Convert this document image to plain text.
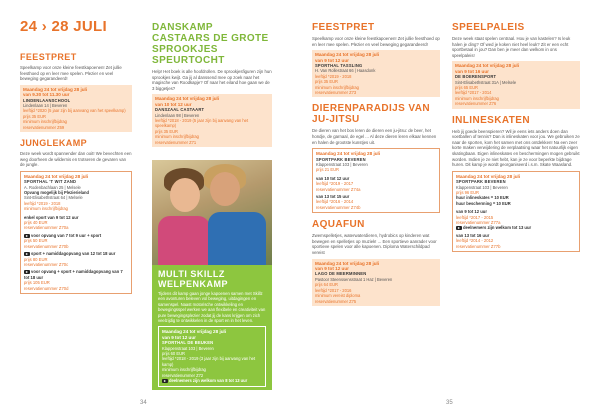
24 › 28 JULI
FEESTPRET
Speelkamp voor onze kleine feestkapoenen! Zet jullie feesthoed op en leer mee spelen. Plezier en veel beweging gegarandeerd!
Maandag 24 tot vrijdag 28 juli
van 9.30 tot 11.30 uur
LINDENLAANSCHOOL
Lindenlaan 14 | Beveren
leeftijd *2020 (5 jaar zijn bij aanvang van het speelkamp)
prijs 35 EUR
minimum inschrijfbijdrag
reservatienummer Z69
JUNGLEKAMP
Deze week wordt spannender dan ooit! We bevechten een weg doorheen de wildernis en trotseren de gevaren van de jungle.
Maandag 24 tot vrijdag 28 juli
SPORTHAL 'T WIT ZAND
A. Rodenbachlaan 25 | Melsele
Opvang mogelijk bij Plezierieland
Sint-Elisabethstraat 64 | Melsele
leeftijd *2019 - 2018
minimum inschrijfbijdrag
enkel sport van 9 tot 12 uur
prijs 40 EUR
reservatienummer Z70a
► voor opvang van 7 tot 9 uur + sport
prijs 50 EUR
reservatienummer Z70b
► sport + namiddagopvang van 12 tot 18 uur
prijs 80 EUR
reservatienummer Z70c
► voor opvang + sport + namiddagopvang van 7 tot 18 uur
prijs 105 EUR
reservatienummer Z70d
DANSKAMP CASTAARS DE GROTE SPROOKJES SPEURTOCHT
Help! Het boek is alle hoofdrollen. De sprookjesfiguren zijn hun sprookjes kwijt. Ga jij al danssend mee op zoek naar het magische van Roodkapje? Of naar het eiland hoe gaan we de 3 biggetjes?
Maandag 24 tot vrijdag 28 juli
van 10 tot 12 uur
DANSZAAL CASTAART
Lindenlaan 98 | Beveren
leeftijd *2018 - 2019 (5 jaar zijn bij aanvang van het speelkamp)
prijs 35 EUR
minimum inschrijfbijdrag
reservatienummer Z71
MULTI SKILLZ WELPENKAMP
Tijdens dit kamp gaan jonge kapoenen samen met Skillz een avonturen beleven vol beweging, uitdagingen en samenspel. Naast motorische ontwikkeling en bewegingsspel werken we aan flexibele en creativiteit van pure bewegingsplezier zodat jij de kans krijgen om zich veelzijdig te ontwikkelen in de sport en in het leven.
Maandag 24 tot vrijdag 28 juli
van 9 tot 12 uur
SPORTHAL DE BEUKEN
Klappenstraat 103 | Beveren
prijs 60 EUR
leeftijd *2018 - 2019 (3 jaar zijn bij aanvang van het kamp)
minimum inschrijfbijdrag
reservatienummer Z72
► deelnemers zijn welkom van 8 tot 13 uur
34
FEESTPRET
Speelkamp voor onze kleine feestkapoenen! Zet jullie feesthoed op en leer mee spelen. Plezier en veel beweging gegarandeerd!
Maandag 24 tot vrijdag 28 juli
van 9 tot 12 uur
SPORTHAL TASSLING
H. Van Rollestraat 66 | Haasdonk
leeftijd *2019 - 2018
prijs 35 EUR
minimum inschrijfbijdrag
reservatienummer Z73
DIERENPARADIJS VAN JU-JITSU
De dieren van het bos leren de dieren een ju-jitsu: de beer, het hondje, de garnaal, de egel ... Al deze dieren leren elkaar kennen en halen de grootste kunstjes uit.
Maandag 24 tot vrijdag 28 juli
SPORTPARK BEVEREN
Klappenstraat 103 | Beveren
prijs 21 EUR
van 10 tot 12 uur
leeftijd *2019 - 2017
reservatienummer Z74a
van 13 tot 15 uur
leeftijd *2016 - 2014
reservatienummer Z74b
AQUAFUN
Zwemspelletjes, waterwaterdieren, hydrobics op kinderen wat bewegen en spelletjes op muziek! ... Een sportieve aanrader voor sportieve spelen voor alle kapoenen. Diploma Waterschildpad vereist
Maandag 24 tot vrijdag 28 juli
van 9 tot 12 uur
LAGO DE MEERMINNEN
Pastoor Steenssensstraat 1 Haz | Beveren
prijs 64 EUR
leeftijd *2017 - 2016
minimum vereist diploma
reservatienummer Z75
SPEELPALEIS
Deze week staat spelen centraal. Hou je van kastelen? Is leuk halen je ding? Of wed je koken niet heel leuk? Zit er een echt sportbetaal in jou? Dan ben je meer dan welkom in ons speelpaleis!
Maandag 24 tot vrijdag 28 juli
van 9 tot 16 uur
DE BOERENSPORT
Sint-Elisabethstraat 31A | Melsele
prijs 65 EUR
leeftijd *2017 - 2014
minimum inschrijfbijdrag
reservatienummer Z76
INLINESKATEN
Heb jij goede beenspieren? Wil je eens iets anders doen dan voetballen of tennis? Dan is inlineskaten voor jou. We gebruiken ze naar de sporten, kom het samen met ons ontdekken! Na een zeer korte maken verwijdering de verplaatsing waar het natuurlijk eigen skatingbaan. Eigen inlineskates en beschermingen mogen gebruikt worden. Indien je ze niet hebt, kan je ze voor beperkte bijdrage huren. Dit kamp je wordt georganiseerd i.s.m. Skate Waasland.
Maandag 24 tot vrijdag 28 juli
SPORTPARK BEVEREN
Klappenstraat 103 | Beveren
prijs 96 EUR
huur inlineskates = 10 EUR
huur bescherming = 10 EUR
van 9 tot 12 uur
leeftijd *2017 - 2015
reservatienummer Z77a
► deelnemers zijn welkom tot 13 uur
van 13 tot 16 uur
leeftijd *2014 - 2012
reservatienummer Z77b
35
